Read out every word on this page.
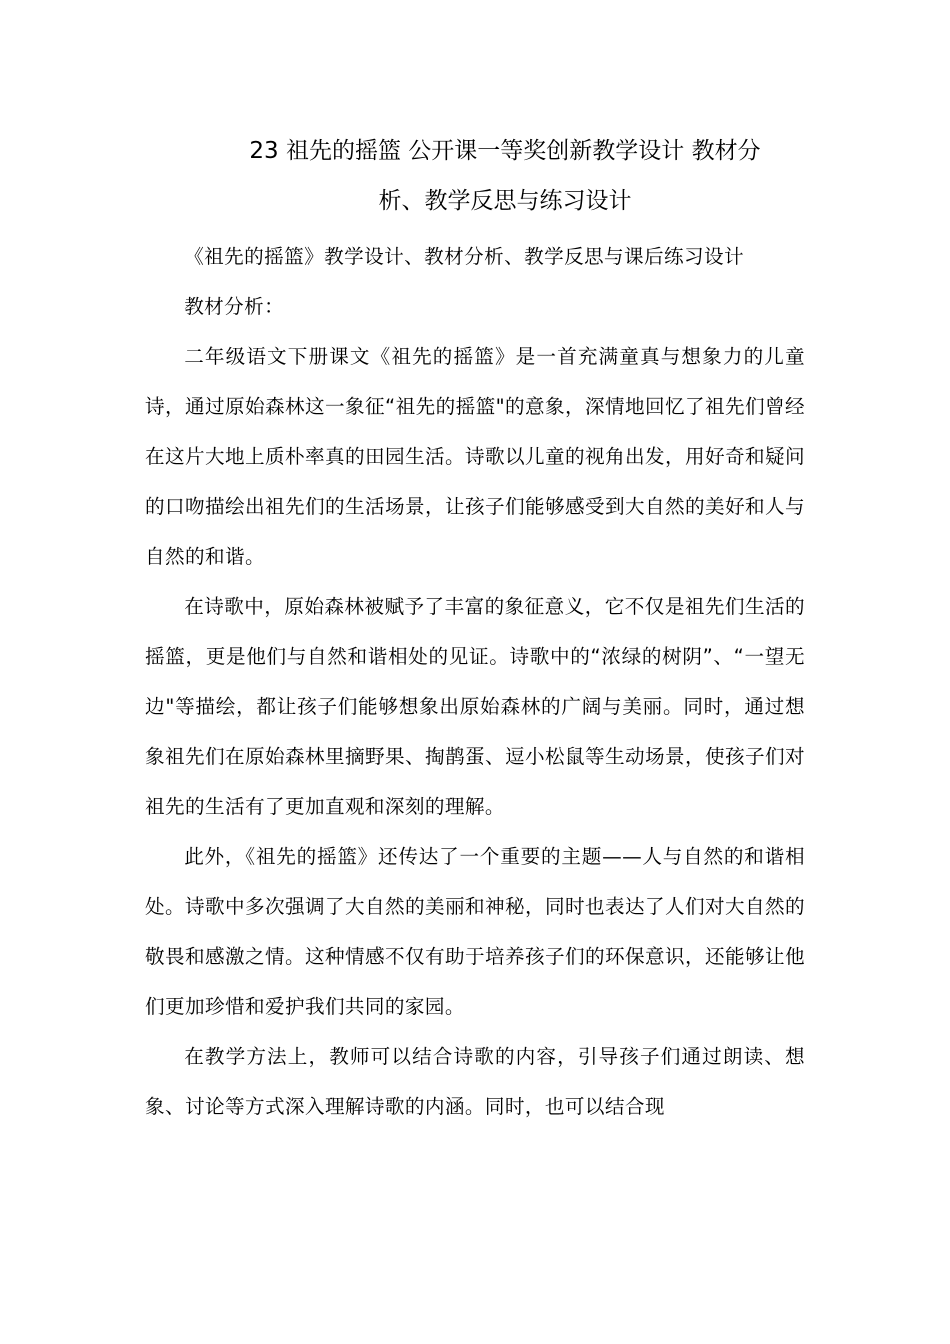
23 祖先的摇篮 公开课一等奖创新教学设计 教材分
析、教学反思与练习设计

《祖先的摇篮》教学设计、教材分析、教学反思与课后练习设计

教材分析：

二年级语文下册课文《祖先的摇篮》是一首充满童真与想象力的儿童诗，通过原始森林这一象征“祖先的摇篮"的意象，深情地回忆了祖先们曾经在这片大地上质朴率真的田园生活。诗歌以儿童的视角出发，用好奇和疑问的口吻描绘出祖先们的生活场景，让孩子们能够感受到大自然的美好和人与自然的和谐。

在诗歌中，原始森林被赋予了丰富的象征意义，它不仅是祖先们生活的摇篮，更是他们与自然和谐相处的见证。诗歌中的“浓绿的树阴”、“一望无边"等描绘，都让孩子们能够想象出原始森林的广阔与美丽。同时，通过想象祖先们在原始森林里摘野果、掏鹊蛋、逗小松鼠等生动场景，使孩子们对祖先的生活有了更加直观和深刻的理解。

此外，《祖先的摇篮》还传达了一个重要的主题——人与自然的和谐相处。诗歌中多次强调了大自然的美丽和神秘，同时也表达了人们对大自然的敬畏和感激之情。这种情感不仅有助于培养孩子们的环保意识，还能够让他们更加珍惜和爱护我们共同的家园。

在教学方法上，教师可以结合诗歌的内容，引导孩子们通过朗读、想象、讨论等方式深入理解诗歌的内涵。同时，也可以结合现
